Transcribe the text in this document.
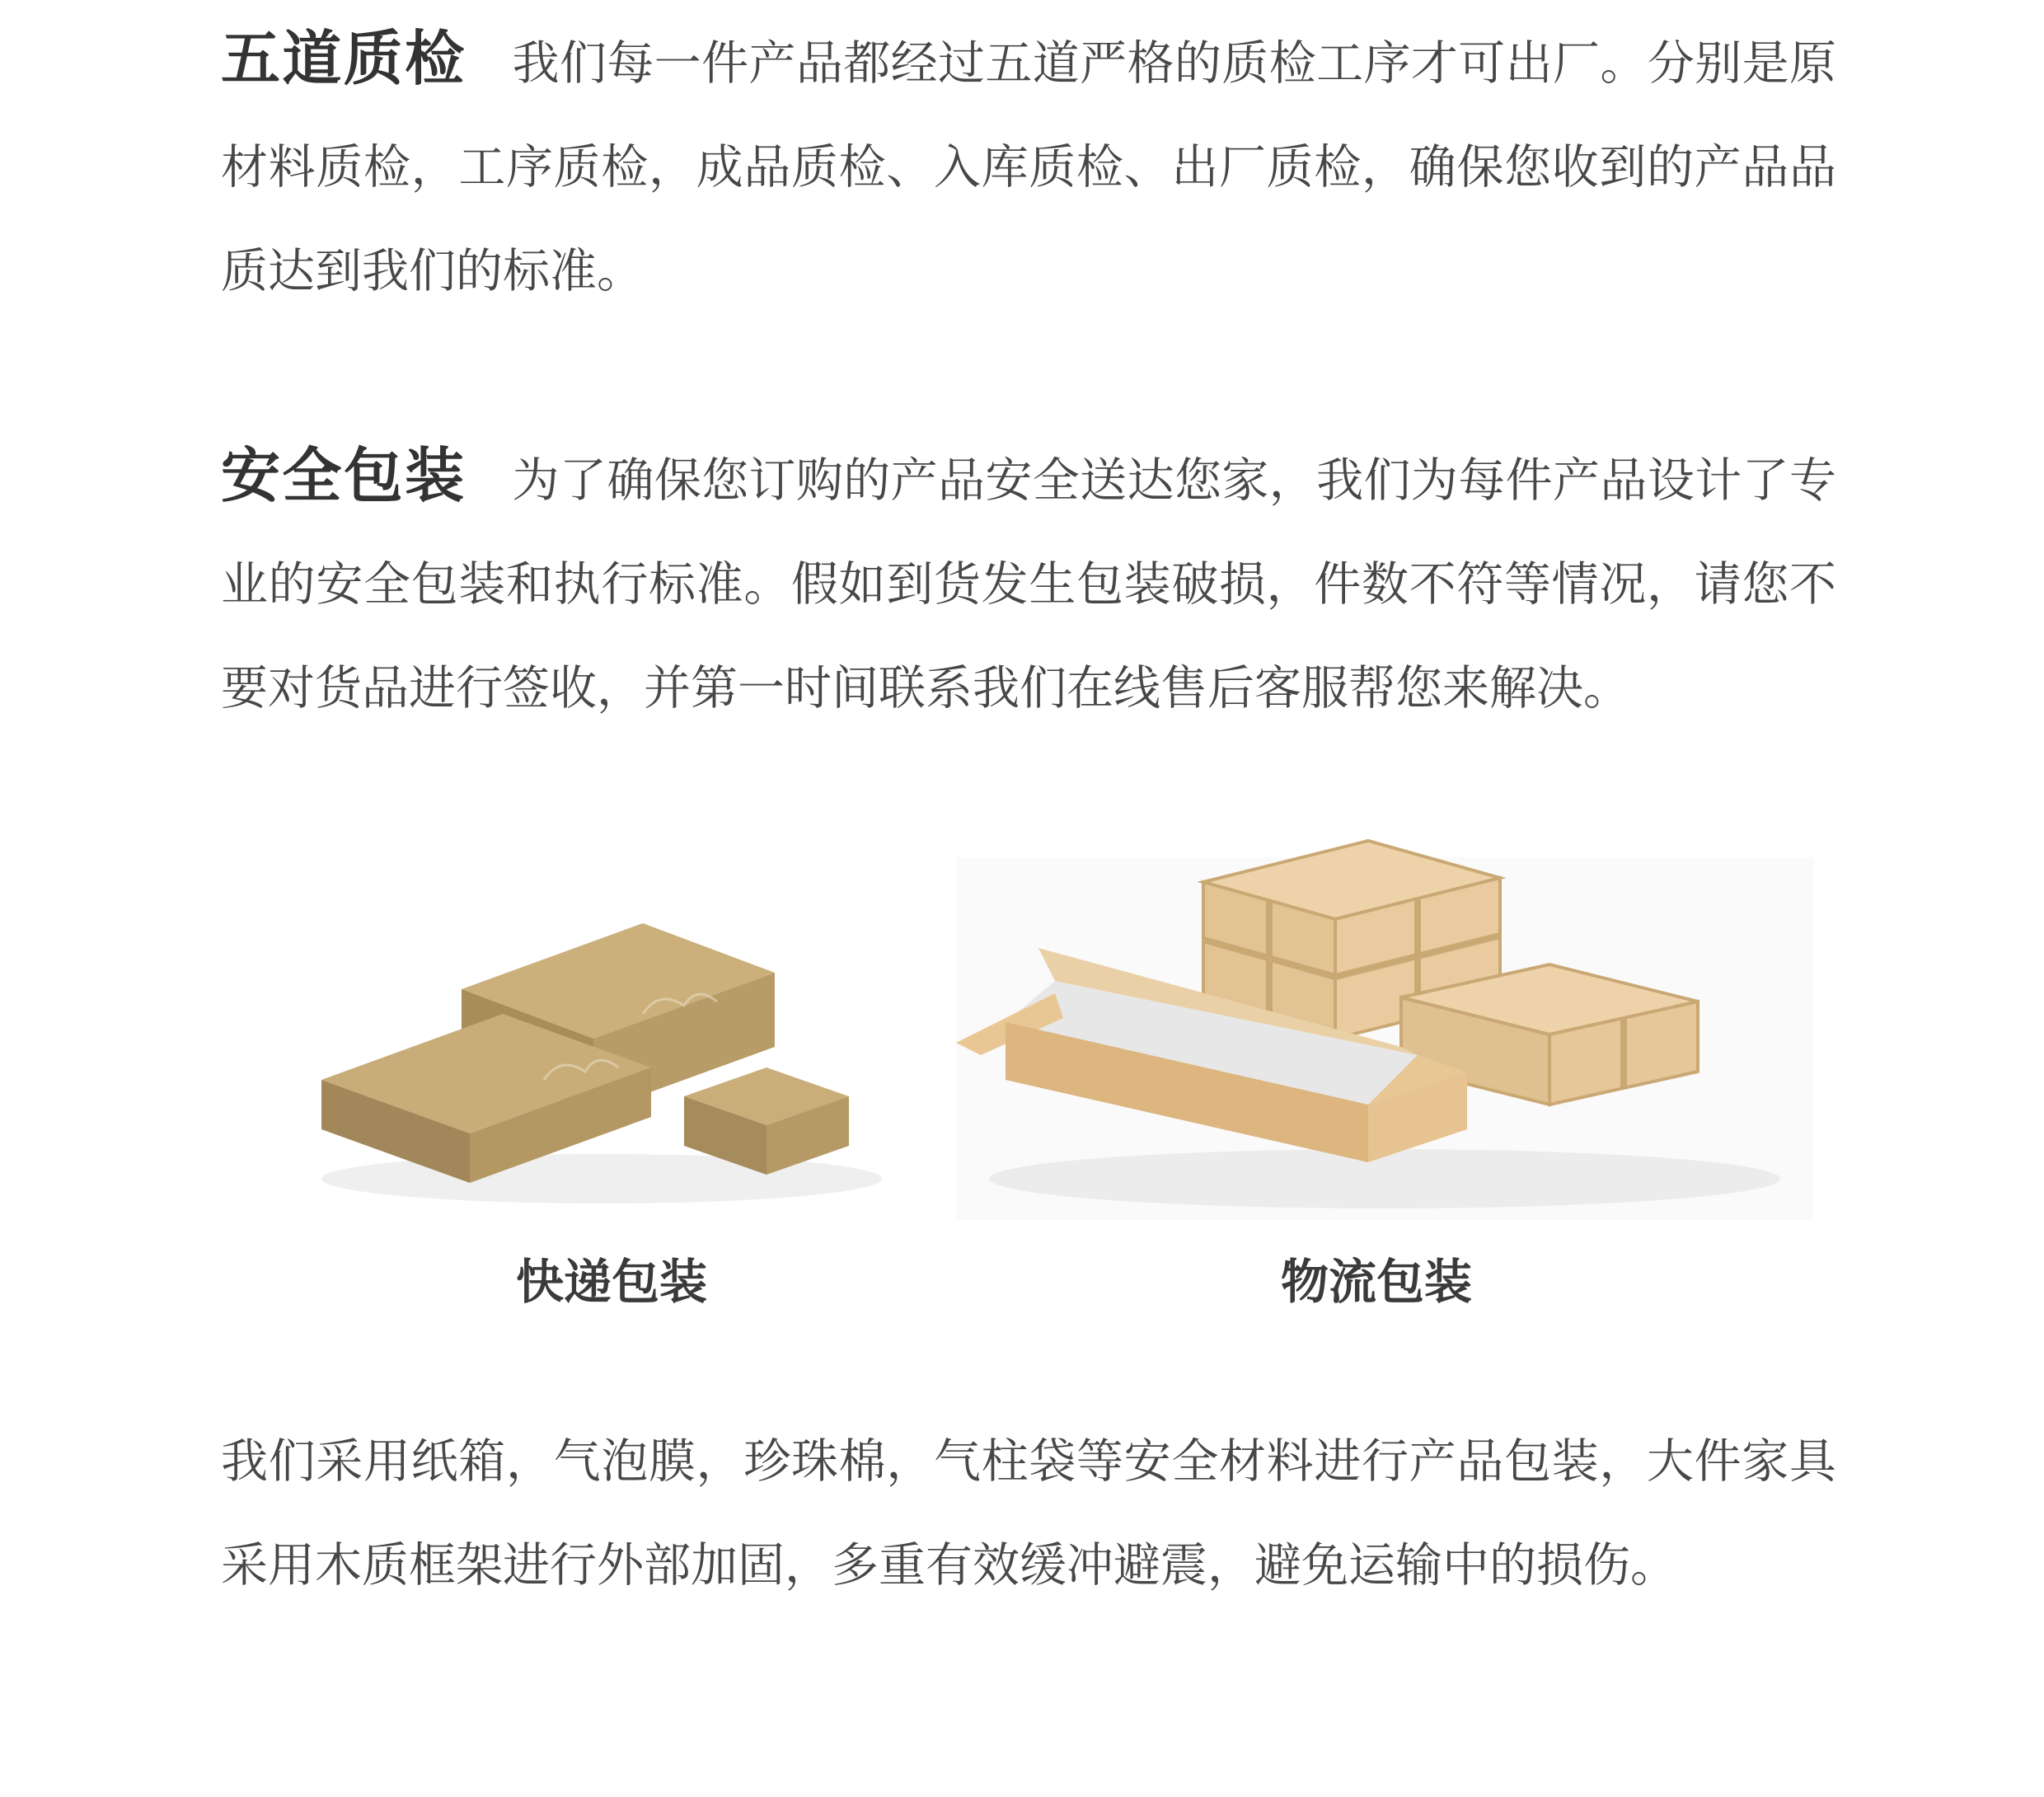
五道质检 我们每一件产品都经过五道严格的质检工序才可出厂。分别是原材料质检，工序质检，成品质检、入库质检、出厂质检，确保您收到的产品品质达到我们的标准。

安全包装 为了确保您订购的产品安全送达您家，我们为每件产品设计了专业的安全包装和执行标准。假如到货发生包装破损，件数不符等情况，请您不要对货品进行签收，并第一时间联系我们在线售后客服帮您来解决。

快递包装	物流包装

我们采用纸箱，气泡膜，珍珠棉，气柱袋等安全材料进行产品包装，大件家具采用木质框架进行外部加固，多重有效缓冲避震，避免运输中的损伤。
